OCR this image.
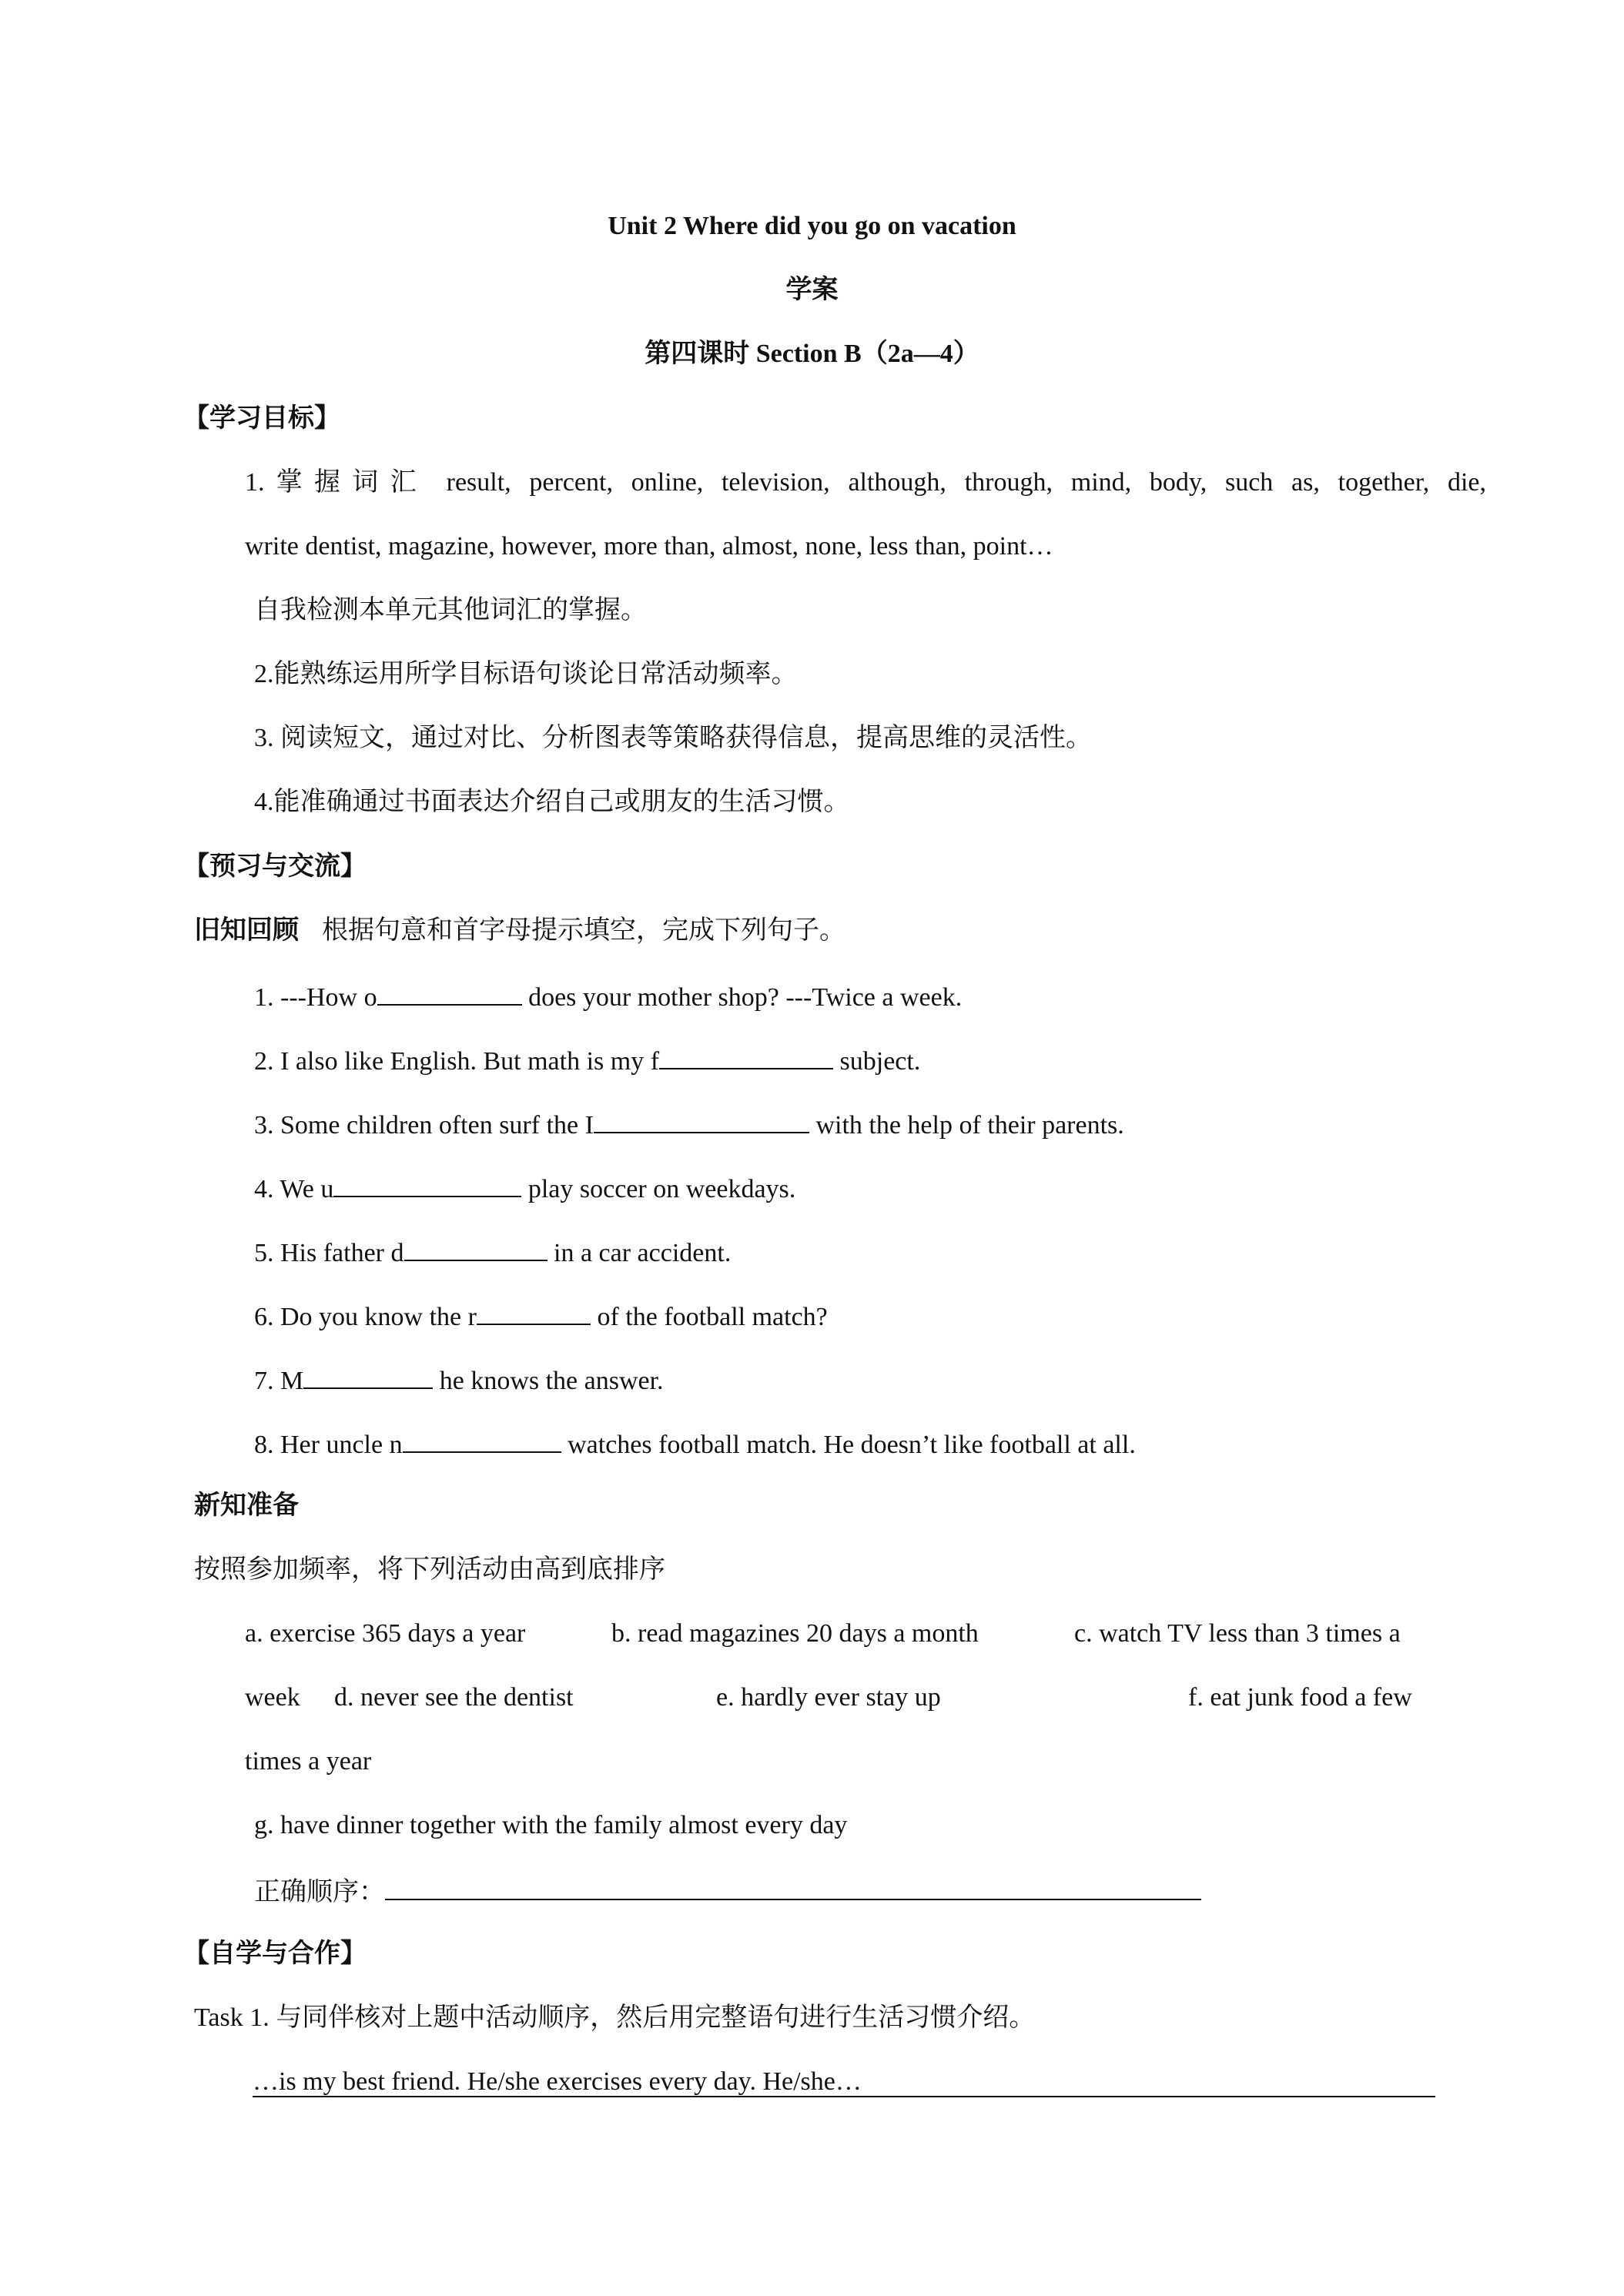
Unit 2 Where did you go on vacation
学案
第四课时 Section B（2a—4）
【学习目标】
1.掌握词汇 result, percent, online, television, although, through, mind, body, such as, together, die,
write dentist, magazine, however, more than, almost, none, less than, point…
自我检测本单元其他词汇的掌握。
2.能熟练运用所学目标语句谈论日常活动频率。
3. 阅读短文，通过对比、分析图表等策略获得信息，提高思维的灵活性。
4.能准确通过书面表达介绍自己或朋友的生活习惯。
【预习与交流】
旧知回顾 根据句意和首字母提示填空，完成下列句子。
1. ---How o	does your mother shop? ---Twice a week.
2. I also like English. But math is my f	subject.
3. Some children often surf the I	with the help of their parents.
4. We u	play soccer on weekdays.
5. His father d	in a car accident.
6. Do you know the r	of the football match?
7. M	he knows the answer.
8. Her uncle n	watches football match. He doesn’t like football at all.
新知准备
按照参加频率，将下列活动由高到底排序
a. exercise 365 days a year	b. read magazines 20 days a month	c. watch TV less than 3 times a
week d. never see the dentist	e. hardly ever stay up	f. eat junk food a few
times a year
g. have dinner together with the family almost every day
正确顺序：
【自学与合作】
Task 1. 与同伴核对上题中活动顺序，然后用完整语句进行生活习惯介绍。
…is my best friend. He/she exercises every day. He/she…
